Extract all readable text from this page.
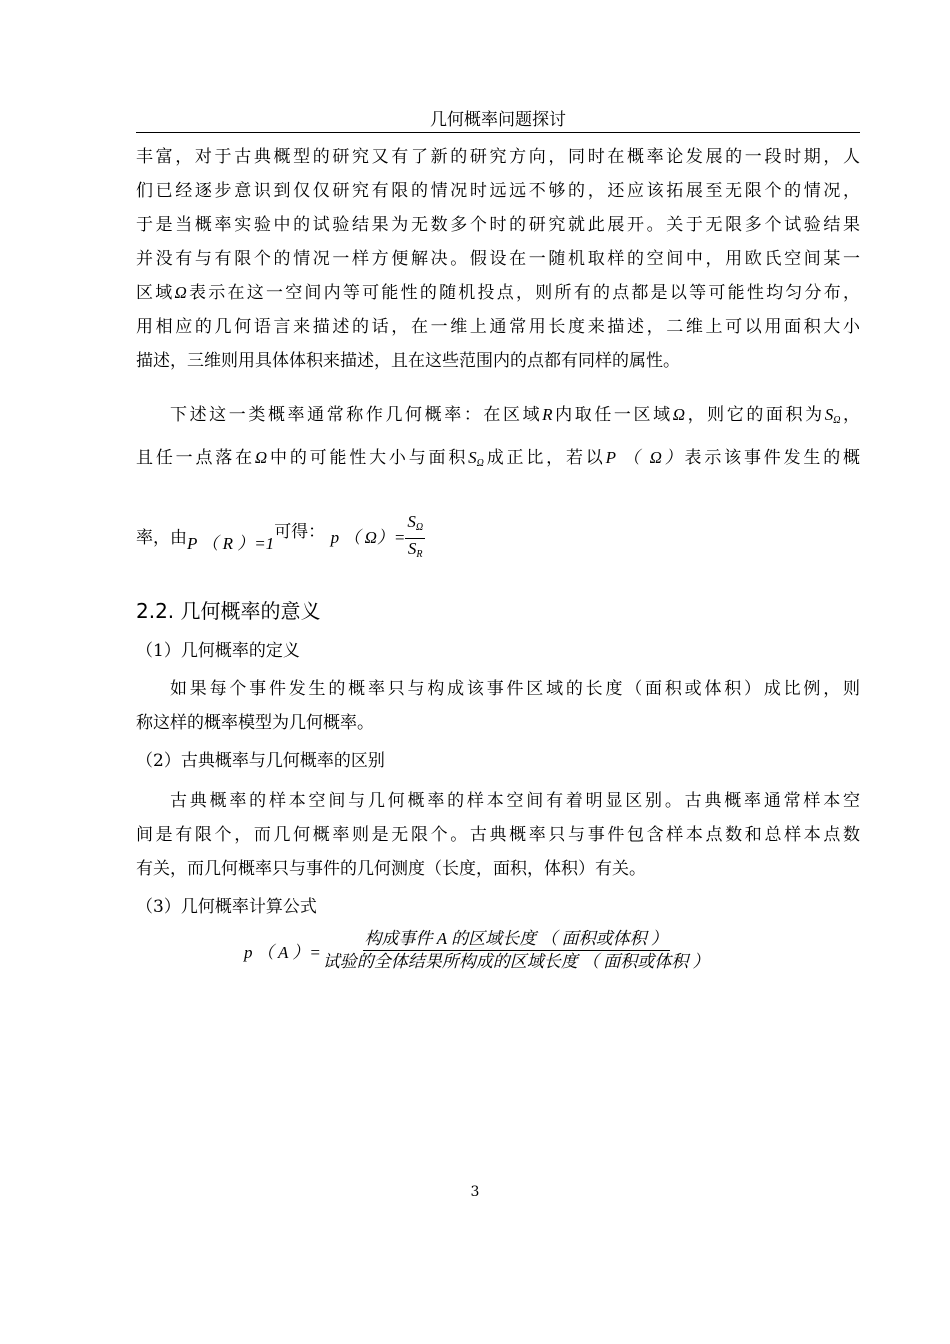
几何概率问题探讨

丰富，对于古典概型的研究又有了新的研究方向，同时在概率论发展的一段时期，人

们已经逐步意识到仅仅研究有限的情况时远远不够的，还应该拓展至无限个的情况，

于是当概率实验中的试验结果为无数多个时的研究就此展开。关于无限多个试验结果

并没有与有限个的情况一样方便解决。假设在一随机取样的空间中，用欧氏空间某一

区域Ω表示在这一空间内等可能性的随机投点，则所有的点都是以等可能性均匀分布，

用相应的几何语言来描述的话，在一维上通常用长度来描述，二维上可以用面积大小

描述，三维则用具体体积来描述，且在这些范围内的点都有同样的属性。

下述这一类概率通常称作几何概率：在区域R内取任一区域Ω，则它的面积为SΩ，

且任一点落在Ω中的可能性大小与面积SΩ成正比，若以P （ Ω）表示该事件发生的概

率，由P （ R ）=1可得： p （ $\Omega)= \frac{S\Omega}{SR}$
2.2. 几何概率的意义
（1）几何概率的定义

如果每个事件发生的概率只与构成该事件区域的长度（面积或体积）成比例，则

称这样的概率模型为几何概率。

（2）古典概率与几何概率的区别

古典概率的样本空间与几何概率的样本空间有着明显区别。古典概率通常样本空

间是有限个，而几何概率则是无限个。古典概率只与事件包含样本点数和总样本点数

有关，而几何概率只与事件的几何测度（长度，面积，体积）有关。

（3）几何概率计算公式
p （ A ）= $\frac{\text{构成事件 A 的区域长度 （ 面积或体积 ）}}{\text{试验的全体结果所构成的区域长度 （ 面积或体积 ）}}$
3
